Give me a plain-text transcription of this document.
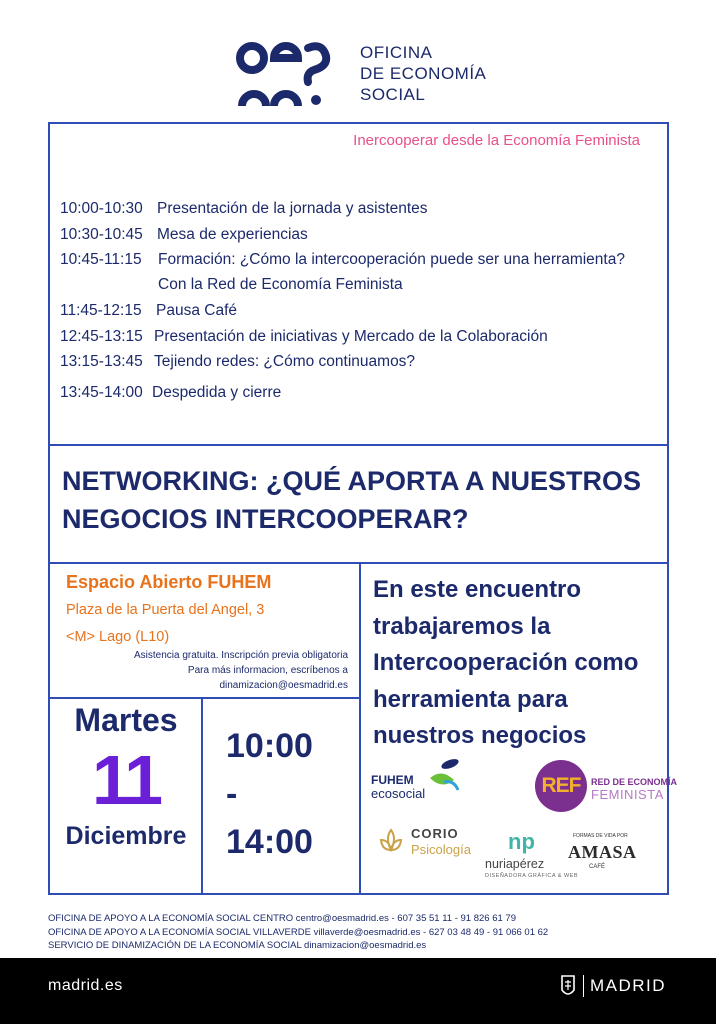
OFICINA
DE ECONOMÍA
SOCIAL
Inercooperar desde la Economía Feminista
10:00-10:30 Presentación de la jornada y asistentes
10:30-10:45 Mesa de experiencias
10:45-11:15 Formación: ¿Cómo la intercooperación puede ser una herramienta?
Con la Red de Economía Feminista
11:45-12:15 Pausa Café
12:45-13:15 Presentación de iniciativas y Mercado de la Colaboración
13:15-13:45 Tejiendo redes: ¿Cómo continuamos?
13:45-14:00 Despedida y cierre
NETWORKING: ¿QUÉ APORTA A NUESTROS
NEGOCIOS INTERCOOPERAR?
Espacio Abierto FUHEM
Plaza de la Puerta del Angel, 3
<M> Lago (L10)
Asistencia gratuita. Inscripción previa obligatoria
Para más informacion, escríbenos a
dinamizacion@oesmadrid.es
Martes
11
Diciembre
10:00
-
14:00
En este encuentro
trabajaremos la
Intercooperación como
herramienta para
nuestros negocios
FUHEM
ecosocial	REF	RED DE ECONOMÍA
FEMINISTA
CORIO
Psicología np
nuriapérez
DISEÑADORA GRÁFICA & WEB
FORMAS DE VIDA POR
AMASA
CAFÉ
OFICINA DE APOYO A LA ECONOMÍA SOCIAL CENTRO centro@oesmadrid.es - 607 35 51 11 - 91 826 61 79
OFICINA DE APOYO A LA ECONOMÍA SOCIAL VILLAVERDE villaverde@oesmadrid.es - 627 03 48 49 - 91 066 01 62
SERVICIO DE DINAMIZACIÓN DE LA ECONOMÍA SOCIAL dinamizacion@oesmadrid.es
madrid.es	MADRID
